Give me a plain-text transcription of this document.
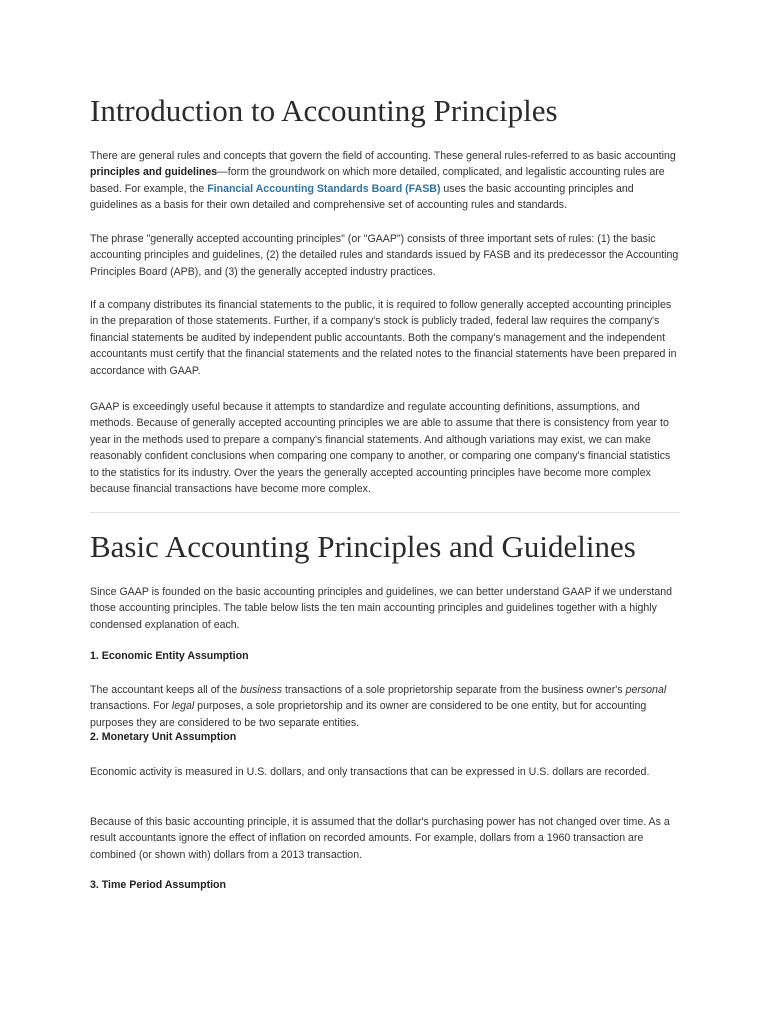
Introduction to Accounting Principles

There are general rules and concepts that govern the field of accounting. These general rules-referred to as basic accounting principles and guidelines—form the groundwork on which more detailed, complicated, and legalistic accounting rules are based. For example, the Financial Accounting Standards Board (FASB) uses the basic accounting principles and guidelines as a basis for their own detailed and comprehensive set of accounting rules and standards.

The phrase "generally accepted accounting principles" (or "GAAP") consists of three important sets of rules: (1) the basic accounting principles and guidelines, (2) the detailed rules and standards issued by FASB and its predecessor the Accounting Principles Board (APB), and (3) the generally accepted industry practices.

If a company distributes its financial statements to the public, it is required to follow generally accepted accounting principles in the preparation of those statements. Further, if a company's stock is publicly traded, federal law requires the company's financial statements be audited by independent public accountants. Both the company's management and the independent accountants must certify that the financial statements and the related notes to the financial statements have been prepared in accordance with GAAP.

GAAP is exceedingly useful because it attempts to standardize and regulate accounting definitions, assumptions, and methods. Because of generally accepted accounting principles we are able to assume that there is consistency from year to year in the methods used to prepare a company's financial statements. And although variations may exist, we can make reasonably confident conclusions when comparing one company to another, or comparing one company's financial statistics to the statistics for its industry. Over the years the generally accepted accounting principles have become more complex because financial transactions have become more complex.

Basic Accounting Principles and Guidelines

Since GAAP is founded on the basic accounting principles and guidelines, we can better understand GAAP if we understand those accounting principles. The table below lists the ten main accounting principles and guidelines together with a highly condensed explanation of each.

1. Economic Entity Assumption

The accountant keeps all of the business transactions of a sole proprietorship separate from the business owner's personal transactions. For legal purposes, a sole proprietorship and its owner are considered to be one entity, but for accounting purposes they are considered to be two separate entities.

2. Monetary Unit Assumption

Economic activity is measured in U.S. dollars, and only transactions that can be expressed in U.S. dollars are recorded.

Because of this basic accounting principle, it is assumed that the dollar's purchasing power has not changed over time. As a result accountants ignore the effect of inflation on recorded amounts. For example, dollars from a 1960 transaction are combined (or shown with) dollars from a 2013 transaction.

3. Time Period Assumption
